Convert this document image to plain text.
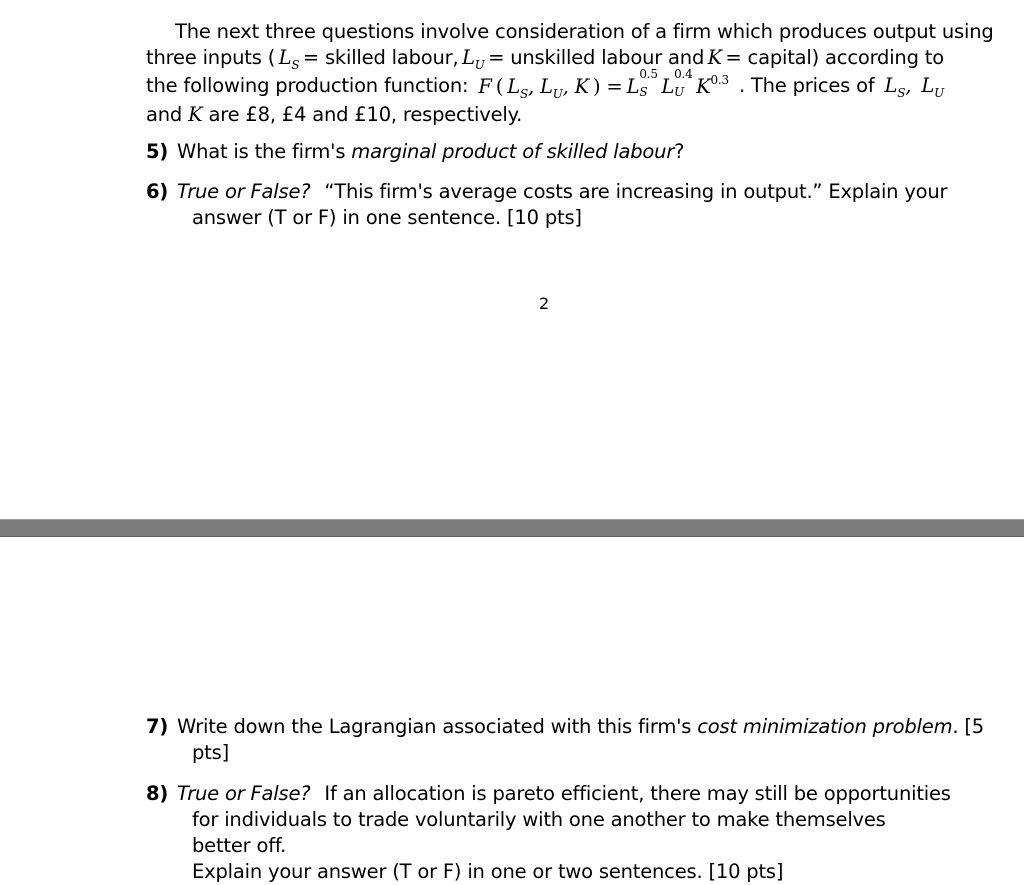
The next three questions involve consideration of a firm which produces output using
three inputs ( $L_S$ = skilled labour, $L_U$ = unskilled labour and K = capital) according to
the following production function: F ( $L_S$, $L_U$, K ) = L
0.5
S L
0.4
U $K^{0.3}$ . The prices of $L_S$, $L_U$
and K are £8, £4 and £10, respectively.
5) What is the firm's marginal product of skilled labour?
6) True or False? “This firm's average costs are increasing in output.” Explain your
answer (T or F) in one sentence. [10 pts]
2
7) Write down the Lagrangian associated with this firm's cost minimization problem . [5
pts]
8) True or False? If an allocation is pareto efficient, there may still be opportunities
for individuals to trade voluntarily with one another to make themselves better off.
Explain your answer (T or F) in one or two sentences. [10 pts]
